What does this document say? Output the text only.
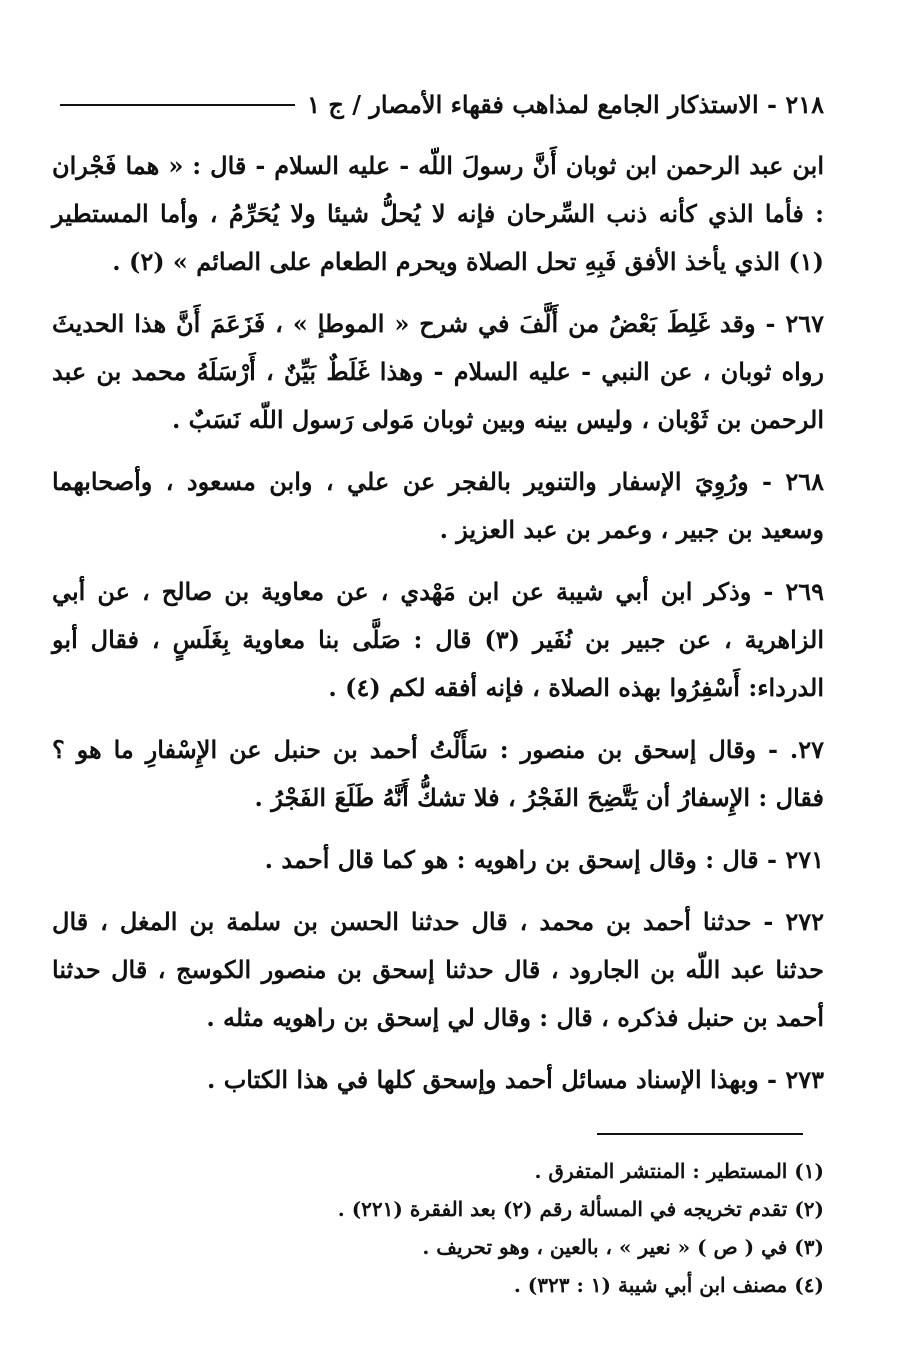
٢١٨ - الاستذكار الجامع لمذاهب فقهاء الأمصار / ج ١

ابن عبد الرحمن ابن ثوبان أَنَّ رسولَ اللّه - عليه السلام - قال : « هما فَجْران : فأما الذي كأنه ذنب السِّرحان فإنه لا يُحلُّ شيئا ولا يُحَرِّمُ ، وأما المستطير (١) الذي يأخذ الأفق فَبِهِ تحل الصلاة ويحرم الطعام على الصائم » (٢) .

٢٦٧ - وقد غَلِطَ بَعْضُ من أَلَّفَ في شرح « الموطإ » ، فَزَعَمَ أَنَّ هذا الحديثَ رواه ثوبان ، عن النبي - عليه السلام - وهذا غَلَطٌ بَيِّنٌ ، أَرْسَلَهُ محمد بن عبد الرحمن بن ثَوْبان ، وليس بينه وبين ثوبان مَولى رَسول اللّه نَسَبٌ .

٢٦٨ - ورُوِيَ الإسفار والتنوير بالفجر عن علي ، وابن مسعود ، وأصحابهما وسعيد بن جبير ، وعمر بن عبد العزيز .

٢٦٩ - وذكر ابن أبي شيبة عن ابن مَهْدي ، عن معاوية بن صالح ، عن أبي الزاهرية ، عن جبير بن نُفَير (٣) قال : صَلَّى بنا معاوية بِغَلَسٍ ، فقال أبو الدرداء: أَسْفِرُوا بهذه الصلاة ، فإنه أفقه لكم (٤) .

٢٧. - وقال إسحق بن منصور : سَأَلْتُ أحمد بن حنبل عن الإِسْفارِ ما هو ؟ فقال : الإِسفارُ أن يَتَّضِحَ الفَجْرُ ، فلا تشكُّ أَنَّهُ طَلَعَ الفَجْرُ .

٢٧١ - قال : وقال إسحق بن راهويه : هو كما قال أحمد .

٢٧٢ - حدثنا أحمد بن محمد ، قال حدثنا الحسن بن سلمة بن المغل ، قال حدثنا عبد اللّه بن الجارود ، قال حدثنا إسحق بن منصور الكوسج ، قال حدثنا أحمد بن حنبل فذكره ، قال : وقال لي إسحق بن راهويه مثله .

٢٧٣ - وبهذا الإسناد مسائل أحمد وإسحق كلها في هذا الكتاب .

(١) المستطير : المنتشر المتفرق .
(٢) تقدم تخريجه في المسألة رقم (٢) بعد الفقرة (٢٢١) .
(٣) في ( ص ) « نعير » ، بالعين ، وهو تحريف .
(٤) مصنف ابن أبي شيبة (١ : ٣٢٣) .
